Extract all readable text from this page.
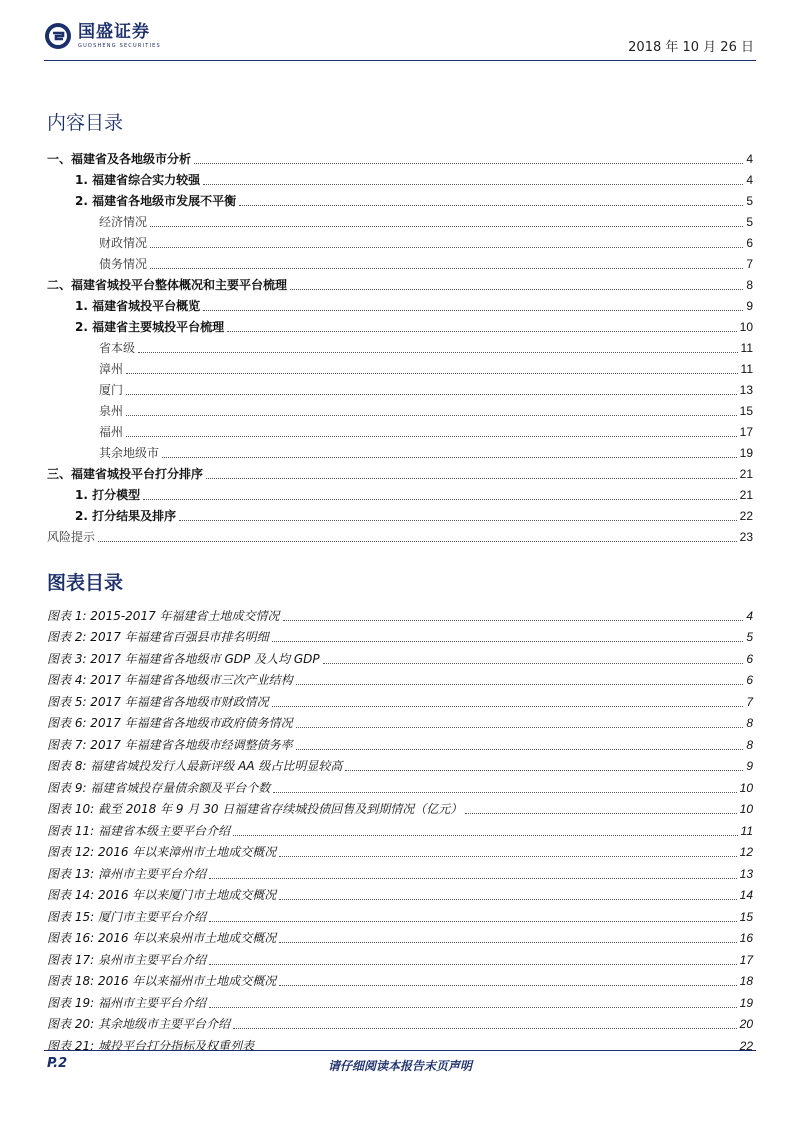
国盛证券
GUOSHENG SECURITIES	2018 年 10 月 26 日
内容目录
一、福建省及各地级市分析	4
1. 福建省综合实力较强	4
2. 福建省各地级市发展不平衡	5
经济情况	5
财政情况	6
债务情况	7
二、福建省城投平台整体概况和主要平台梳理	8
1. 福建省城投平台概览	9
2. 福建省主要城投平台梳理	10
省本级	11
漳州	11
厦门	13
泉州	15
福州	17
其余地级市	19
三、福建省城投平台打分排序	21
1. 打分模型	21
2. 打分结果及排序	22
风险提示	23
图表目录
图表 1: 2015-2017 年福建省土地成交情况	4
图表 2: 2017 年福建省百强县市排名明细	5
图表 3: 2017 年福建省各地级市 GDP 及人均 GDP	6
图表 4: 2017 年福建省各地级市三次产业结构	6
图表 5: 2017 年福建省各地级市财政情况	7
图表 6: 2017 年福建省各地级市政府债务情况	8
图表 7: 2017 年福建省各地级市经调整债务率	8
图表 8: 福建省城投发行人最新评级 AA 级占比明显较高	9
图表 9: 福建省城投存量债余额及平台个数	10
图表 10: 截至 2018 年 9 月 30 日福建省存续城投债回售及到期情况（亿元）	10
图表 11: 福建省本级主要平台介绍	11
图表 12: 2016 年以来漳州市土地成交概况	12
图表 13: 漳州市主要平台介绍	13
图表 14: 2016 年以来厦门市土地成交概况	14
图表 15: 厦门市主要平台介绍	15
图表 16: 2016 年以来泉州市土地成交概况	16
图表 17: 泉州市主要平台介绍	17
图表 18: 2016 年以来福州市土地成交概况	18
图表 19: 福州市主要平台介绍	19
图表 20: 其余地级市主要平台介绍	20
图表 21: 城投平台打分指标及权重列表	22
P.2	请仔细阅读本报告末页声明
